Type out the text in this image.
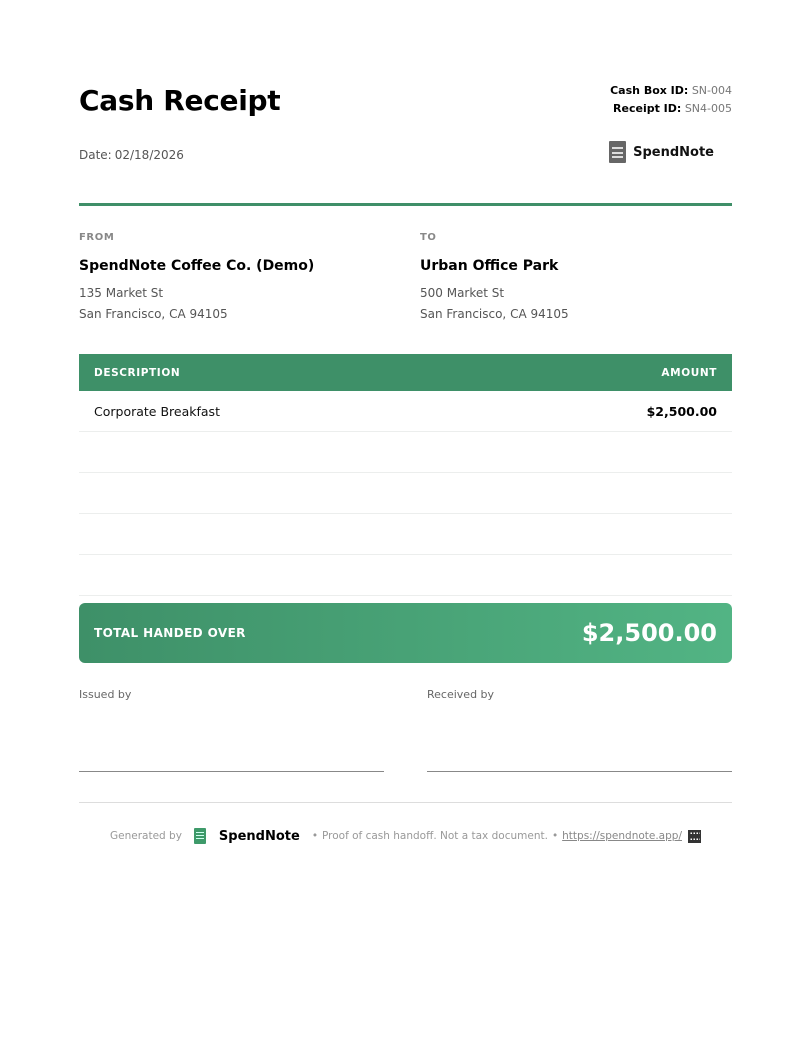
Cash Receipt
Date: 02/18/2026
Cash Box ID: SN-004
Receipt ID: SN4-005
SpendNote
FROM
SpendNote Coffee Co. (Demo)
135 Market St
San Francisco, CA 94105
TO
Urban Office Park
500 Market St
San Francisco, CA 94105
DESCRIPTION	AMOUNT
Corporate Breakfast	$2,500.00
TOTAL HANDED OVER	$2,500.00
Issued by	Received by
Generated by	SpendNote • Proof of cash handoff. Not a tax document. • https://spendnote.app/
